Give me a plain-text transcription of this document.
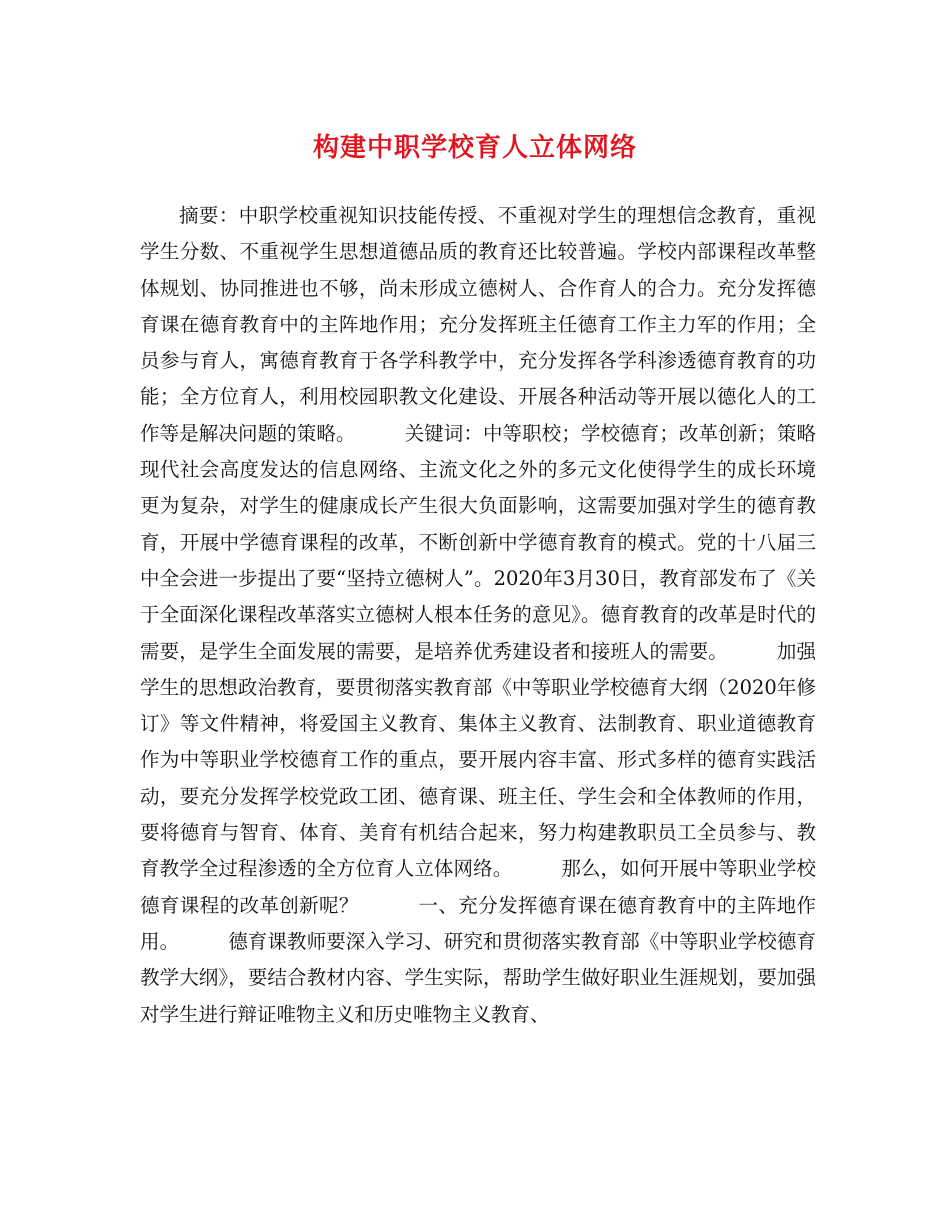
构建中职学校育人立体网络

摘要：中职学校重视知识技能传授、不重视对学生的理想信念教育，重视学生分数、不重视学生思想道德品质的教育还比较普遍。学校内部课程改革整体规划、协同推进也不够，尚未形成立德树人、合作育人的合力。充分发挥德育课在德育教育中的主阵地作用；充分发挥班主任德育工作主力军的作用；全员参与育人，寓德育教育于各学科教学中，充分发挥各学科渗透德育教育的功能；全方位育人，利用校园职教文化建设、开展各种活动等开展以德化人的工作等是解决问题的策略。　　　关键词：中等职校；学校德育；改革创新；策略　　　现代社会高度发达的信息网络、主流文化之外的多元文化使得学生的成长环境更为复杂，对学生的健康成长产生很大负面影响，这需要加强对学生的德育教育，开展中学德育课程的改革，不断创新中学德育教育的模式。党的十八届三中全会进一步提出了要“坚持立德树人”。2020年3月30日，教育部发布了《关于全面深化课程改革落实立德树人根本任务的意见》。德育教育的改革是时代的需要，是学生全面发展的需要，是培养优秀建设者和接班人的需要。　　　加强学生的思想政治教育，要贯彻落实教育部《中等职业学校德育大纲（2020年修订》等文件精神，将爱国主义教育、集体主义教育、法制教育、职业道德教育作为中等职业学校德育工作的重点，要开展内容丰富、形式多样的德育实践活动，要充分发挥学校党政工团、德育课、班主任、学生会和全体教师的作用，要将德育与智育、体育、美育有机结合起来，努力构建教职员工全员参与、教育教学全过程渗透的全方位育人立体网络。　　　那么，如何开展中等职业学校德育课程的改革创新呢？　　　一、充分发挥德育课在德育教育中的主阵地作用。　　　德育课教师要深入学习、研究和贯彻落实教育部《中等职业学校德育教学大纲》，要结合教材内容、学生实际，帮助学生做好职业生涯规划，要加强对学生进行辩证唯物主义和历史唯物主义教育、
